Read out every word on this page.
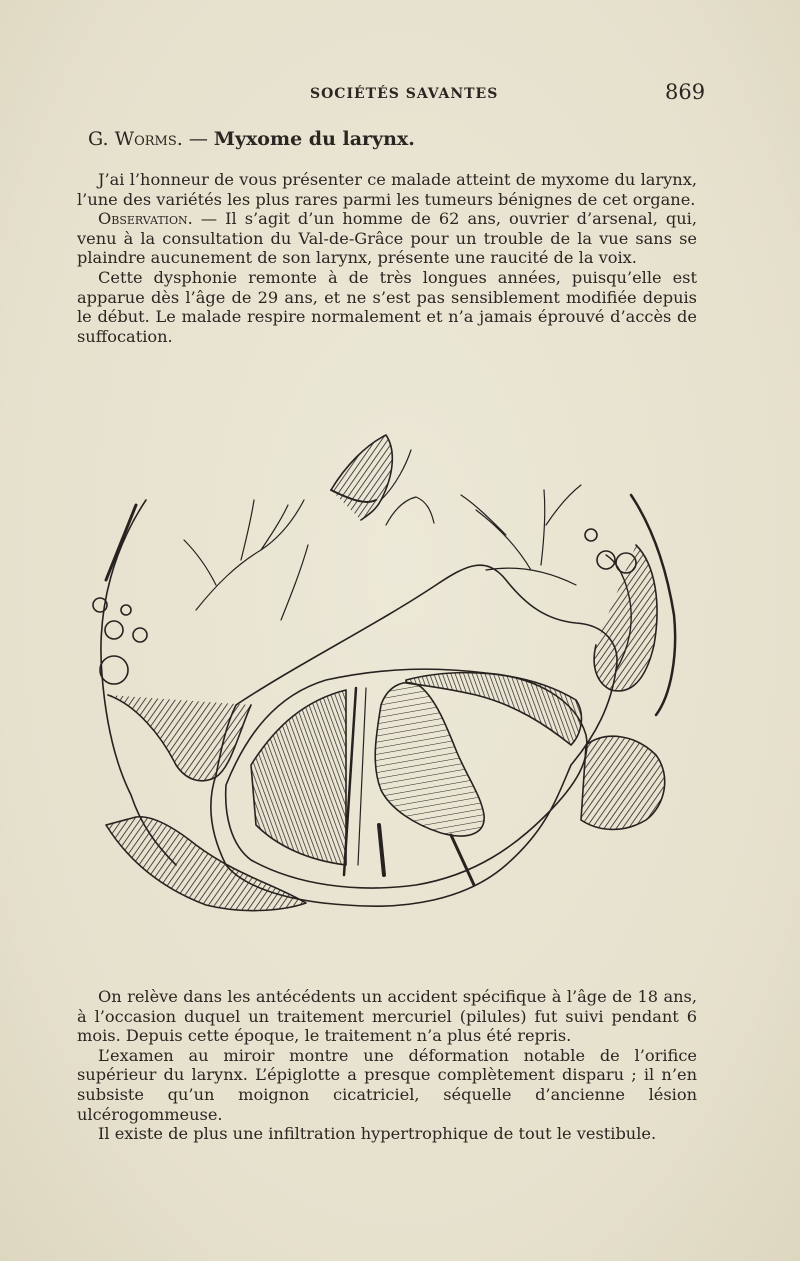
SOCIÉTÉS SAVANTES	869
G. Worms. — Myxome du larynx.

J’ai l’honneur de vous présenter ce malade atteint de myxome du larynx, l’une des variétés les plus rares parmi les tumeurs bénignes de cet organe.

Observation. — Il s’agit d’un homme de 62 ans, ouvrier d’arsenal, qui, venu à la consultation du Val-de-Grâce pour un trouble de la vue sans se plaindre aucunement de son larynx, présente une raucité de la voix.

Cette dysphonie remonte à de très longues années, puisqu’elle est apparue dès l’âge de 29 ans, et ne s’est pas sensiblement modifiée depuis le début. Le malade respire normalement et n’a jamais éprouvé d’accès de suffocation.

On relève dans les antécédents un accident spécifique à l’âge de 18 ans, à l’occasion duquel un traitement mercuriel (pilules) fut suivi pendant 6 mois. Depuis cette époque, le traitement n’a plus été repris.

L’examen au miroir montre une déformation notable de l’orifice supérieur du larynx. L’épiglotte a presque complètement disparu ; il n’en subsiste qu’un moignon cicatriciel, séquelle d’ancienne lésion ulcérogommeuse.

Il existe de plus une infiltration hypertrophique de tout le vestibule.
